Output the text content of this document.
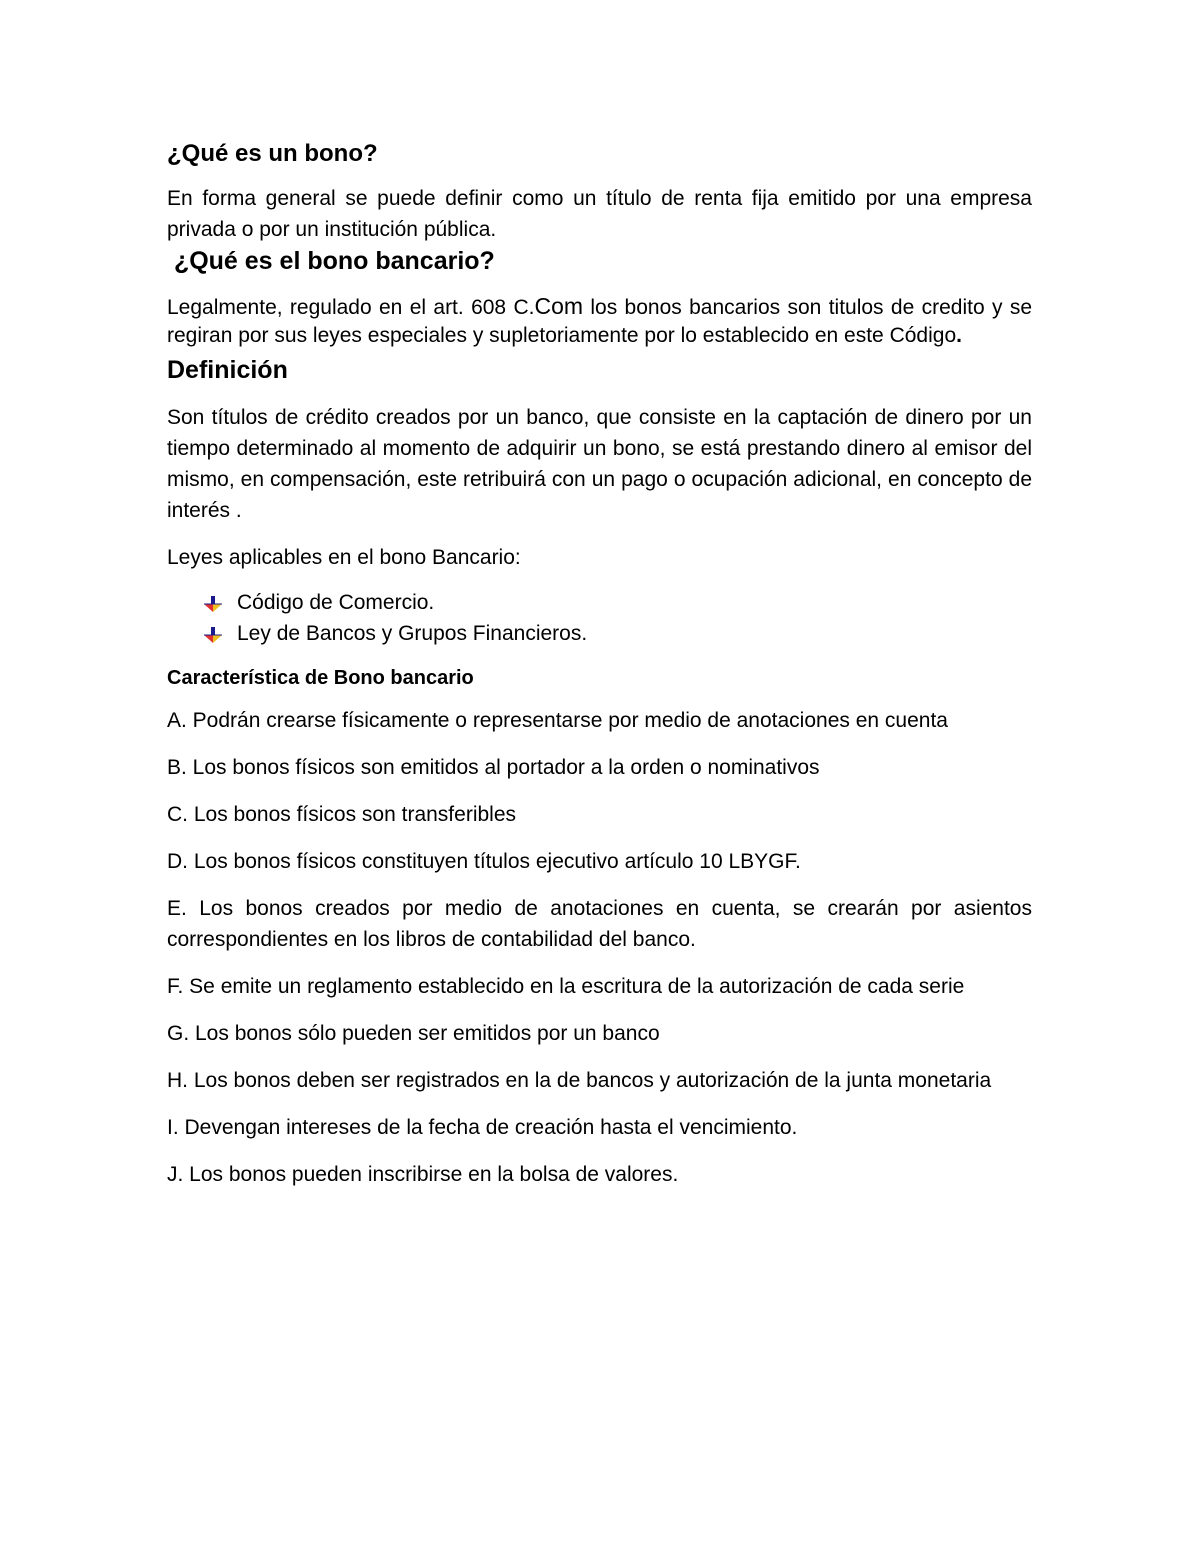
¿Qué es un bono?

En forma general se puede definir como un título de renta fija emitido por una empresa privada o por un institución pública.

¿Qué es el bono bancario?

Legalmente, regulado en el art. 608 C.Com los bonos bancarios son titulos de credito y se regiran por sus leyes especiales y supletoriamente por lo establecido en este Código.

Definición

Son títulos de crédito creados por un banco, que consiste en la captación de dinero por un tiempo determinado al momento de adquirir un bono, se está prestando dinero al emisor del mismo, en compensación, este retribuirá con un pago o ocupación adicional, en concepto de interés .

Leyes aplicables en el bono Bancario:

Código de Comercio.
Ley de Bancos y Grupos Financieros.
Característica de Bono bancario

A. Podrán crearse físicamente o representarse por medio de anotaciones en cuenta

B. Los bonos físicos son emitidos al portador a la orden o nominativos

C. Los bonos físicos son transferibles

D. Los bonos físicos constituyen títulos ejecutivo artículo 10 LBYGF.

E. Los bonos creados por medio de anotaciones en cuenta, se crearán por asientos correspondientes en los libros de contabilidad del banco.

F. Se emite un reglamento establecido en la escritura de la autorización de cada serie

G. Los bonos sólo pueden ser emitidos por un banco

H. Los bonos deben ser registrados en la de bancos y autorización de la junta monetaria

I. Devengan intereses de la fecha de creación hasta el vencimiento.

J. Los bonos pueden inscribirse en la bolsa de valores.
